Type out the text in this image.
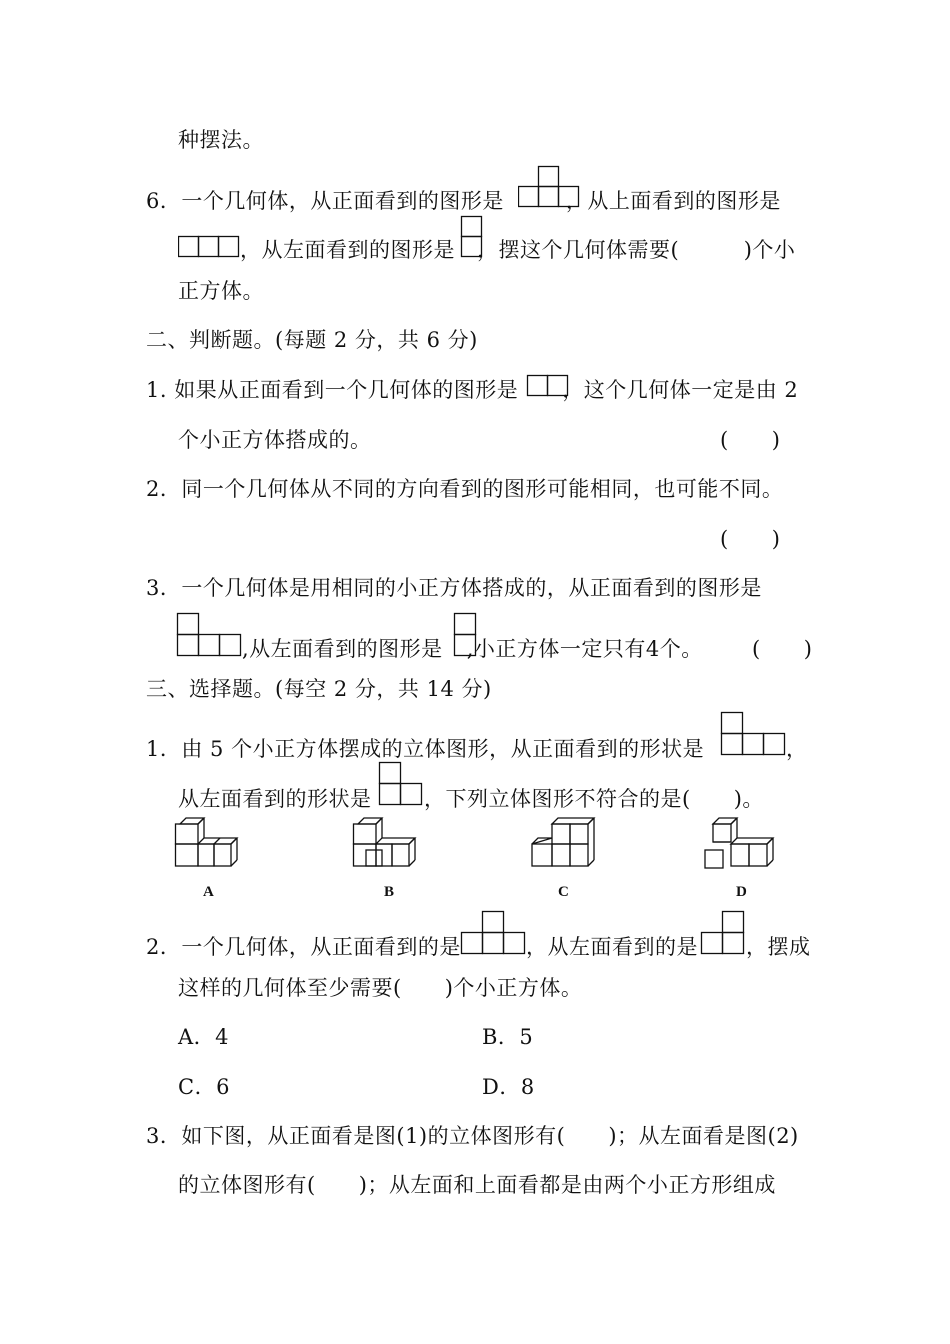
种摆法。
6．一个几何体，从正面看到的图形是	，从上面看到的图形是
，从左面看到的图形是 ，摆这个几何体需要(　　　)个小
正方体。
二、判断题。(每题 2 分，共 6 分)
1. 如果从正面看到一个几何体的图形是 ，这个几何体一定是由 2
个小正方体搭成的。	(　　)
2．同一个几何体从不同的方向看到的图形可能相同，也可能不同。
(　　)
3．一个几何体是用相同的小正方体搭成的，从正面看到的图形是
,从左面看到的图形是 ,小正方体一定只有4个。 (　　)
三、选择题。(每空 2 分，共 14 分)
1．由 5 个小正方体摆成的立体图形，从正面看到的形状是	，
从左面看到的形状是	，下列立体图形不符合的是(　　)。
A	B	C	D
2．一个几何体，从正面看到的是	，从左面看到的是 ，摆成
这样的几何体至少需要(　　)个小正方体。
A．4	B．5
C．6	D．8
3．如下图，从正面看是图(1)的立体图形有(　　)；从左面看是图(2)
的立体图形有(　　)；从左面和上面看都是由两个小正方形组成
